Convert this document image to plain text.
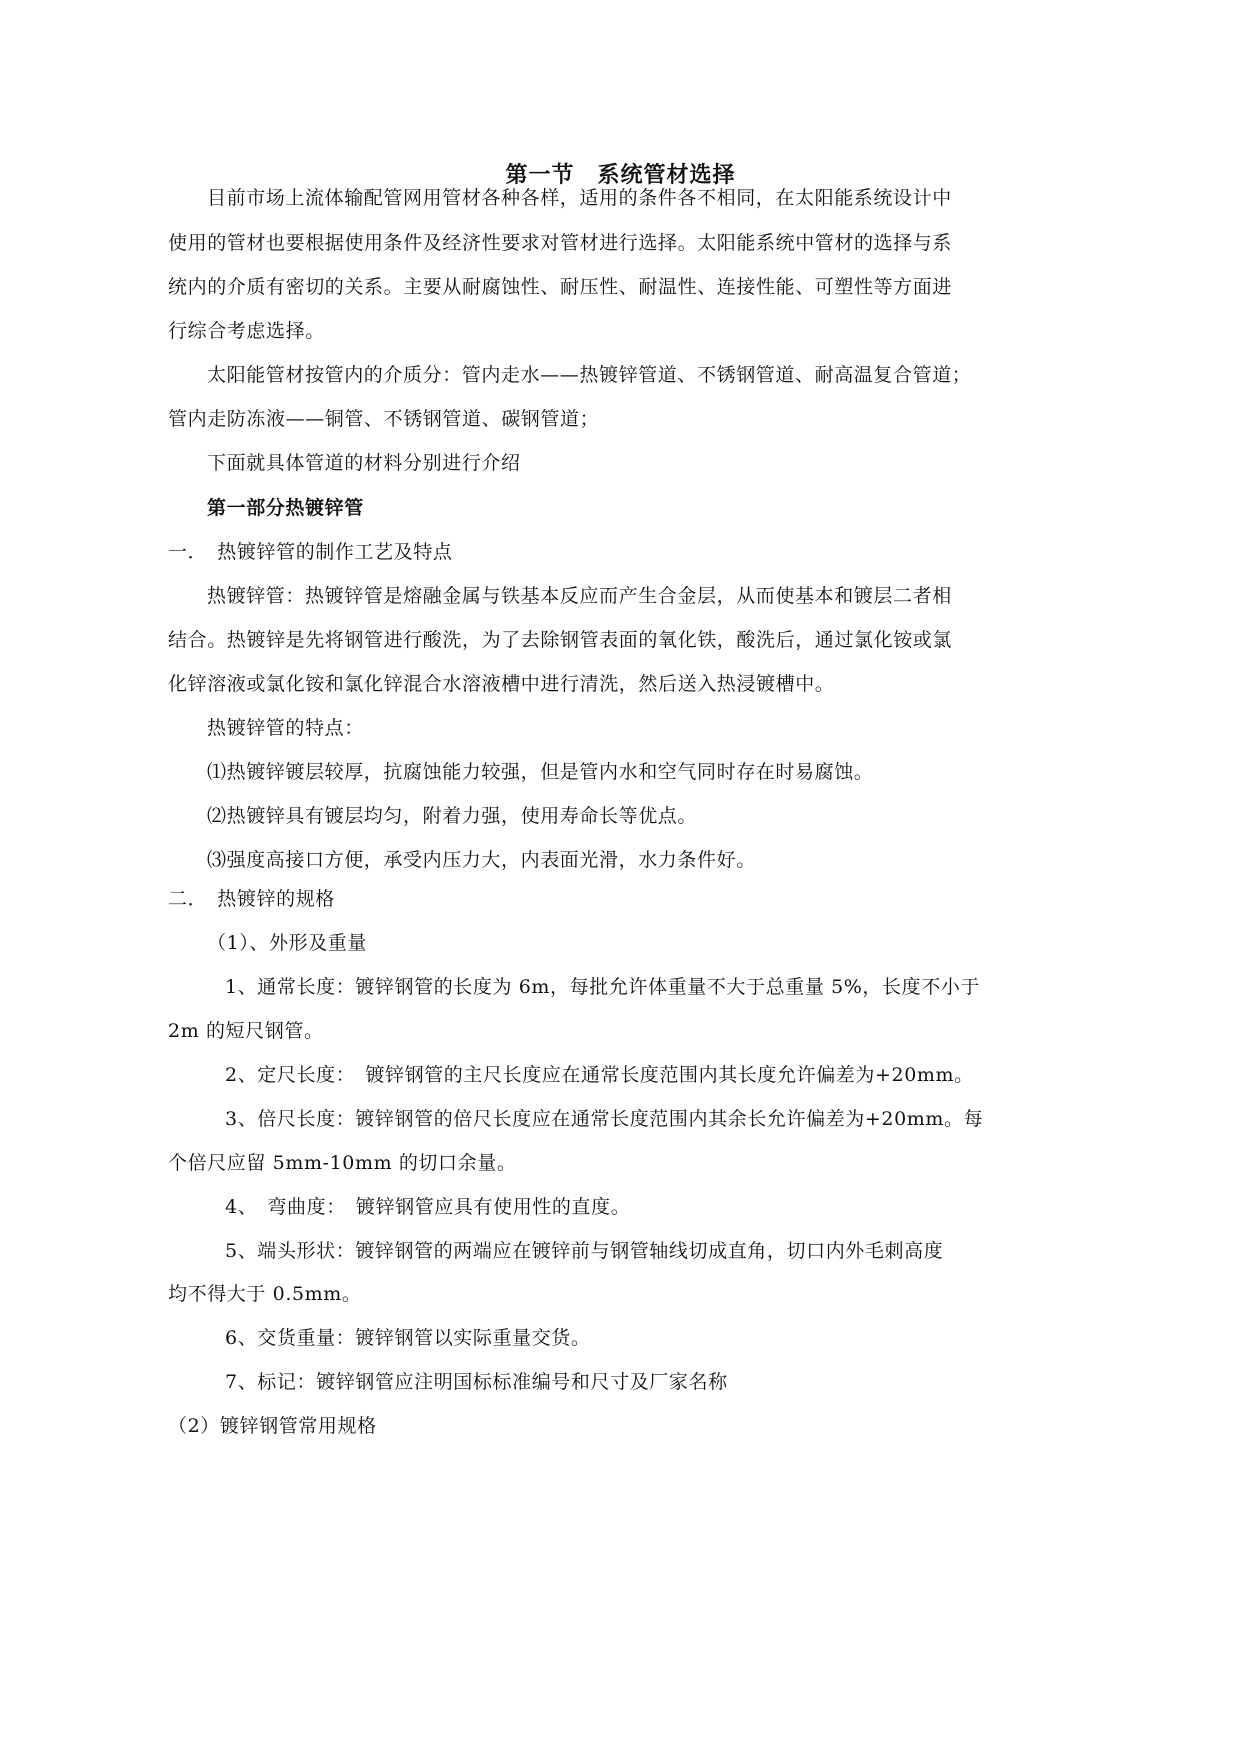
第一节　系统管材选择
目前市场上流体输配管网用管材各种各样，适用的条件各不相同，在太阳能系统设计中
使用的管材也要根据使用条件及经济性要求对管材进行选择。太阳能系统中管材的选择与系
统内的介质有密切的关系。主要从耐腐蚀性、耐压性、耐温性、连接性能、可塑性等方面进
行综合考虑选择。
太阳能管材按管内的介质分：管内走水——热镀锌管道、不锈钢管道、耐高温复合管道；
管内走防冻液——铜管、不锈钢管道、碳钢管道；
下面就具体管道的材料分别进行介绍
第一部分热镀锌管
一．　热镀锌管的制作工艺及特点
热镀锌管：热镀锌管是熔融金属与铁基本反应而产生合金层，从而使基本和镀层二者相
结合。热镀锌是先将钢管进行酸洗，为了去除钢管表面的氧化铁，酸洗后，通过氯化铵或氯
化锌溶液或氯化铵和氯化锌混合水溶液槽中进行清洗，然后送入热浸镀槽中。
热镀锌管的特点：
⑴热镀锌镀层较厚，抗腐蚀能力较强，但是管内水和空气同时存在时易腐蚀。
⑵热镀锌具有镀层均匀，附着力强，使用寿命长等优点。
⑶强度高接口方便，承受内压力大，内表面光滑，水力条件好。
二．　热镀锌的规格
（1）、外形及重量
1、通常长度：镀锌钢管的长度为 6m，每批允许体重量不大于总重量 5%，长度不小于
2m 的短尺钢管。
2、定尺长度：　镀锌钢管的主尺长度应在通常长度范围内其长度允许偏差为+20mm。
3、倍尺长度：镀锌钢管的倍尺长度应在通常长度范围内其余长允许偏差为+20mm。每
个倍尺应留 5mm-10mm 的切口余量。
4、　弯曲度：　镀锌钢管应具有使用性的直度。
5、端头形状：镀锌钢管的两端应在镀锌前与钢管轴线切成直角，切口内外毛刺高度
均不得大于 0.5mm。
6、交货重量：镀锌钢管以实际重量交货。
7、标记：镀锌钢管应注明国标标准编号和尺寸及厂家名称
（2）镀锌钢管常用规格
